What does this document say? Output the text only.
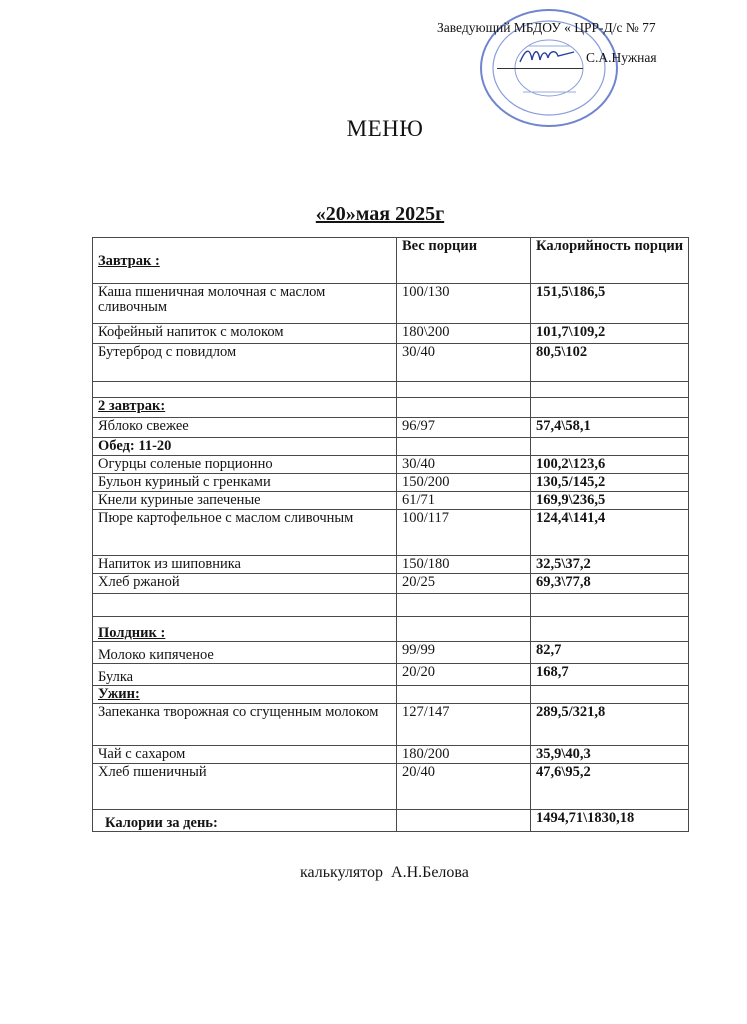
Заведующий МБДОУ « ЦРР-Д/с № 77
С.А.Нужная
МЕНЮ
«20»мая 2025г
Завтрак :	Вес порции	Калорийность порции
Каша пшеничная молочная с маслом сливочным	100/130	151,5\186,5
Кофейный напиток с молоком	180\200	101,7\109,2
Бутерброд с повидлом	30/40	80,5\102

2 завтрак:		
Яблоко свежее	96/97	57,4\58,1
Обед: 11-20		
Огурцы соленые порционно	30/40	100,2\123,6
Бульон куриный с гренками	150/200	130,5/145,2
Кнели куриные запеченые	61/71	169,9\236,5
Пюре картофельное с маслом сливочным	100/117	124,4\141,4
Напиток из шиповника	150/180	32,5\37,2
Хлеб ржаной	20/25	69,3\77,8

Полдник :		
Молоко кипяченое	99/99	82,7
Булка	20/20	168,7
Ужин:		
Запеканка творожная со сгущенным молоком	127/147	289,5/321,8
Чай с сахаром	180/200	35,9\40,3
Хлеб пшеничный	20/40	47,6\95,2
Калории за день:		1494,71\1830,18
калькулятор  А.Н.Белова
